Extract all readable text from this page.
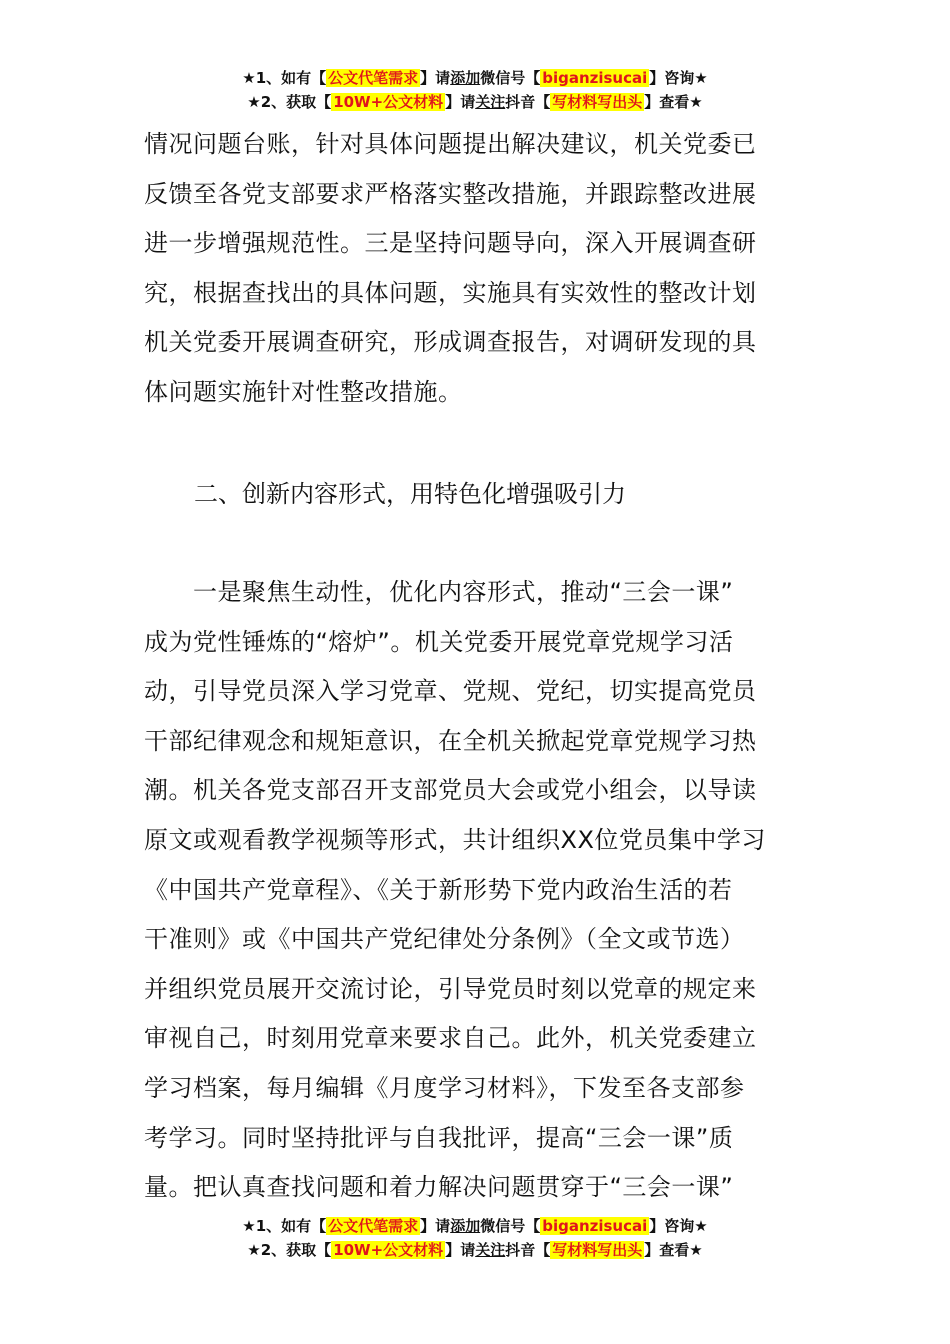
★1、如有【 公文代笔需求 】请添加微信号【 biganzisucai 】咨询★
★2、获取【 10W+公文材料 】请关注抖音【 写材料写出头 】查看★

情况问题台账，针对具体问题提出解决建议，机关党委已

反馈至各党支部要求严格落实整改措施，并跟踪整改进展

进一步增强规范性。三是坚持问题导向，深入开展调查研

究，根据查找出的具体问题，实施具有实效性的整改计划

机关党委开展调查研究，形成调查报告，对调研发现的具

体问题实施针对性整改措施。

二、创新内容形式，用特色化增强吸引力

　　一是聚焦生动性，优化内容形式，推动“三会一课”

成为党性锤炼的“熔炉”。机关党委开展党章党规学习活

动，引导党员深入学习党章、党规、党纪，切实提高党员

干部纪律观念和规矩意识，在全机关掀起党章党规学习热

潮。机关各党支部召开支部党员大会或党小组会，以导读

原文或观看教学视频等形式，共计组织XX位党员集中学习

《中国共产党章程》、《关于新形势下党内政治生活的若

干准则》或《中国共产党纪律处分条例》（全文或节选）

并组织党员展开交流讨论，引导党员时刻以党章的规定来

审视自己，时刻用党章来要求自己。此外，机关党委建立

学习档案，每月编辑《月度学习材料》，下发至各支部参

考学习。同时坚持批评与自我批评，提高“三会一课”质

量。把认真查找问题和着力解决问题贯穿于“三会一课”

★1、如有【 公文代笔需求 】请添加微信号【 biganzisucai 】咨询★
★2、获取【 10W+公文材料 】请关注抖音【 写材料写出头 】查看★
